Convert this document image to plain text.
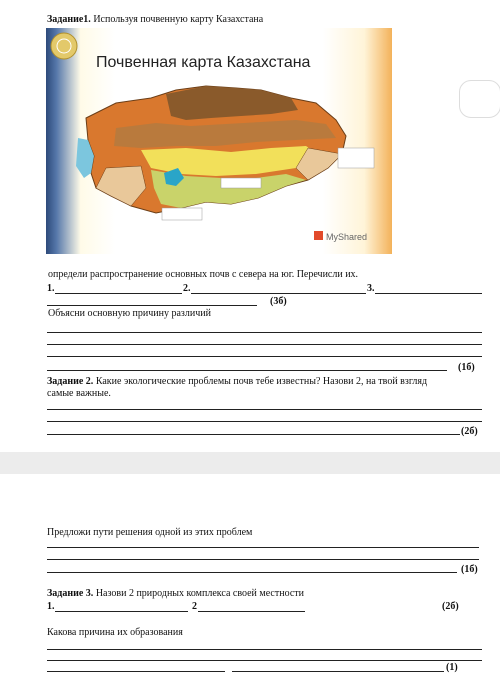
Задание1. Используя почвенную карту Казахстана
Почвенная карта Казахстана
MyShared
определи распространение основных почв с севера на юг. Перечисли их.
1.	2.	3.
(3б)
Объясни основную причину различий
(1б)
Задание 2. Какие экологические проблемы почв тебе известны? Назови 2, на твой взгляд
самые важные.
(2б)
Предложи пути решения одной из этих проблем
(1б)
Задание 3. Назови 2 природных комплекса своей местности
1.	2	(2б)
Какова причина их образования
(1)
